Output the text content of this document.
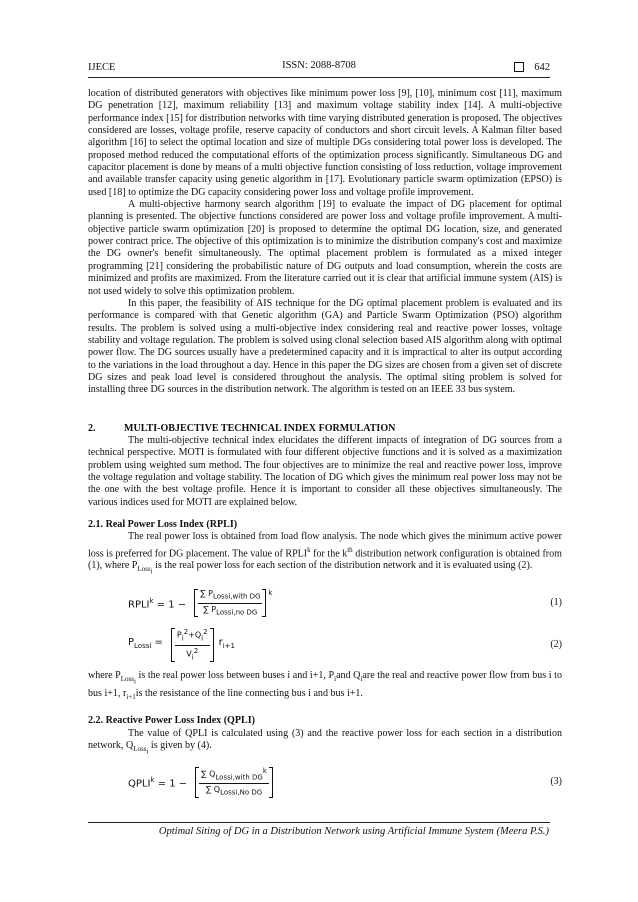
IJECE	ISSN: 2088-8708	642

location of distributed generators with objectives like minimum power loss [9], [10], minimum cost [11], maximum DG penetration [12], maximum reliability [13] and maximum voltage stability index [14]. A multi-objective performance index [15] for distribution networks with time varying distributed generation is proposed. The objectives considered are losses, voltage profile, reserve capacity of conductors and short circuit levels. A Kalman filter based algorithm [16] to select the optimal location and size of multiple DGs considering total power loss is developed. The proposed method reduced the computational efforts of the optimization process significantly. Simultaneous DG and capacitor placement is done by means of a multi objective function consisting of loss reduction, voltage improvement and available transfer capacity using genetic algorithm in [17]. Evolutionary particle swarm optimization (EPSO) is used [18] to optimize the DG capacity considering power loss and voltage profile improvement.

A multi-objective harmony search algorithm [19] to evaluate the impact of DG placement for optimal planning is presented. The objective functions considered are power loss and voltage profile improvement. A multi-objective particle swarm optimization [20] is proposed to determine the optimal DG location, size, and generated power contract price. The objective of this optimization is to minimize the distribution company's cost and maximize the DG owner's benefit simultaneously. The optimal placement problem is formulated as a mixed integer programming [21] considering the probabilistic nature of DG outputs and load consumption, wherein the costs are minimized and profits are maximized. From the literature carried out it is clear that artificial immune system (AIS) is not used widely to solve this optimization problem.

In this paper, the feasibility of AIS technique for the DG optimal placement problem is evaluated and its performance is compared with that Genetic algorithm (GA) and Particle Swarm Optimization (PSO) algorithm results. The problem is solved using a multi-objective index considering real and reactive power losses, voltage stability and voltage regulation. The problem is solved using clonal selection based AIS algorithm along with optimal power flow. The DG sources usually have a predetermined capacity and it is impractical to alter its output according to the variations in the load throughout a day. Hence in this paper the DG sizes are chosen from a given set of discrete DG sizes and peak load level is considered throughout the analysis. The optimal siting problem is solved for installing three DG sources in the distribution network. The algorithm is tested on an IEEE 33 bus system.

2.	MULTI-OBJECTIVE TECHNICAL INDEX FORMULATION

The multi-objective technical index elucidates the different impacts of integration of DG sources from a technical perspective. MOTI is formulated with four different objective functions and it is solved as a maximization problem using weighted sum method. The four objectives are to minimize the real and reactive power loss, improve the voltage regulation and voltage stability. The location of DG which gives the minimum real power loss may not be the one with the best voltage profile. Hence it is important to consider all these objectives simultaneously. The various indices used for MOTI are explained below.

2.1. Real Power Loss Index (RPLI)

The real power loss is obtained from load flow analysis. The node which gives the minimum active power loss is preferred for DG placement. The value of RPLI$^k$ for the $k^{th}$ distribution network configuration is obtained from (1), where $P_{Lossi}$ is the real power loss for each section of the distribution network and it is evaluated using (2).

$RPLI^k = 1 - \frac{\text{∑ PLossi,with DG}}{\text{∑ PLossi,no DG}}$ k
(1)
$P_{Lossi} = \frac{Pi2+Qi2}{Vi2} r_{i+1}$	(2)

where $P_{Lossi}$ is the real power loss between buses i and i+1, $P_iand$ $Q_iare$ the real and reactive power flow from bus i to bus i+1, $r_{i+1}is$ the resistance of the line connecting bus i and bus i+1.

2.2. Reactive Power Loss Index (QPLI)

The value of QPLI is calculated using (3) and the reactive power loss for each section in a distribution network, $Q_{Lossi}$ is given by (4).

$QPLI^k = 1 - \frac{\text{∑ QLossi,with DGk}}{\text{∑ QLossi,No DG}}$	(3)
Optimal Siting of DG in a Distribution Network using Artificial Immune System (Meera P.S.)
